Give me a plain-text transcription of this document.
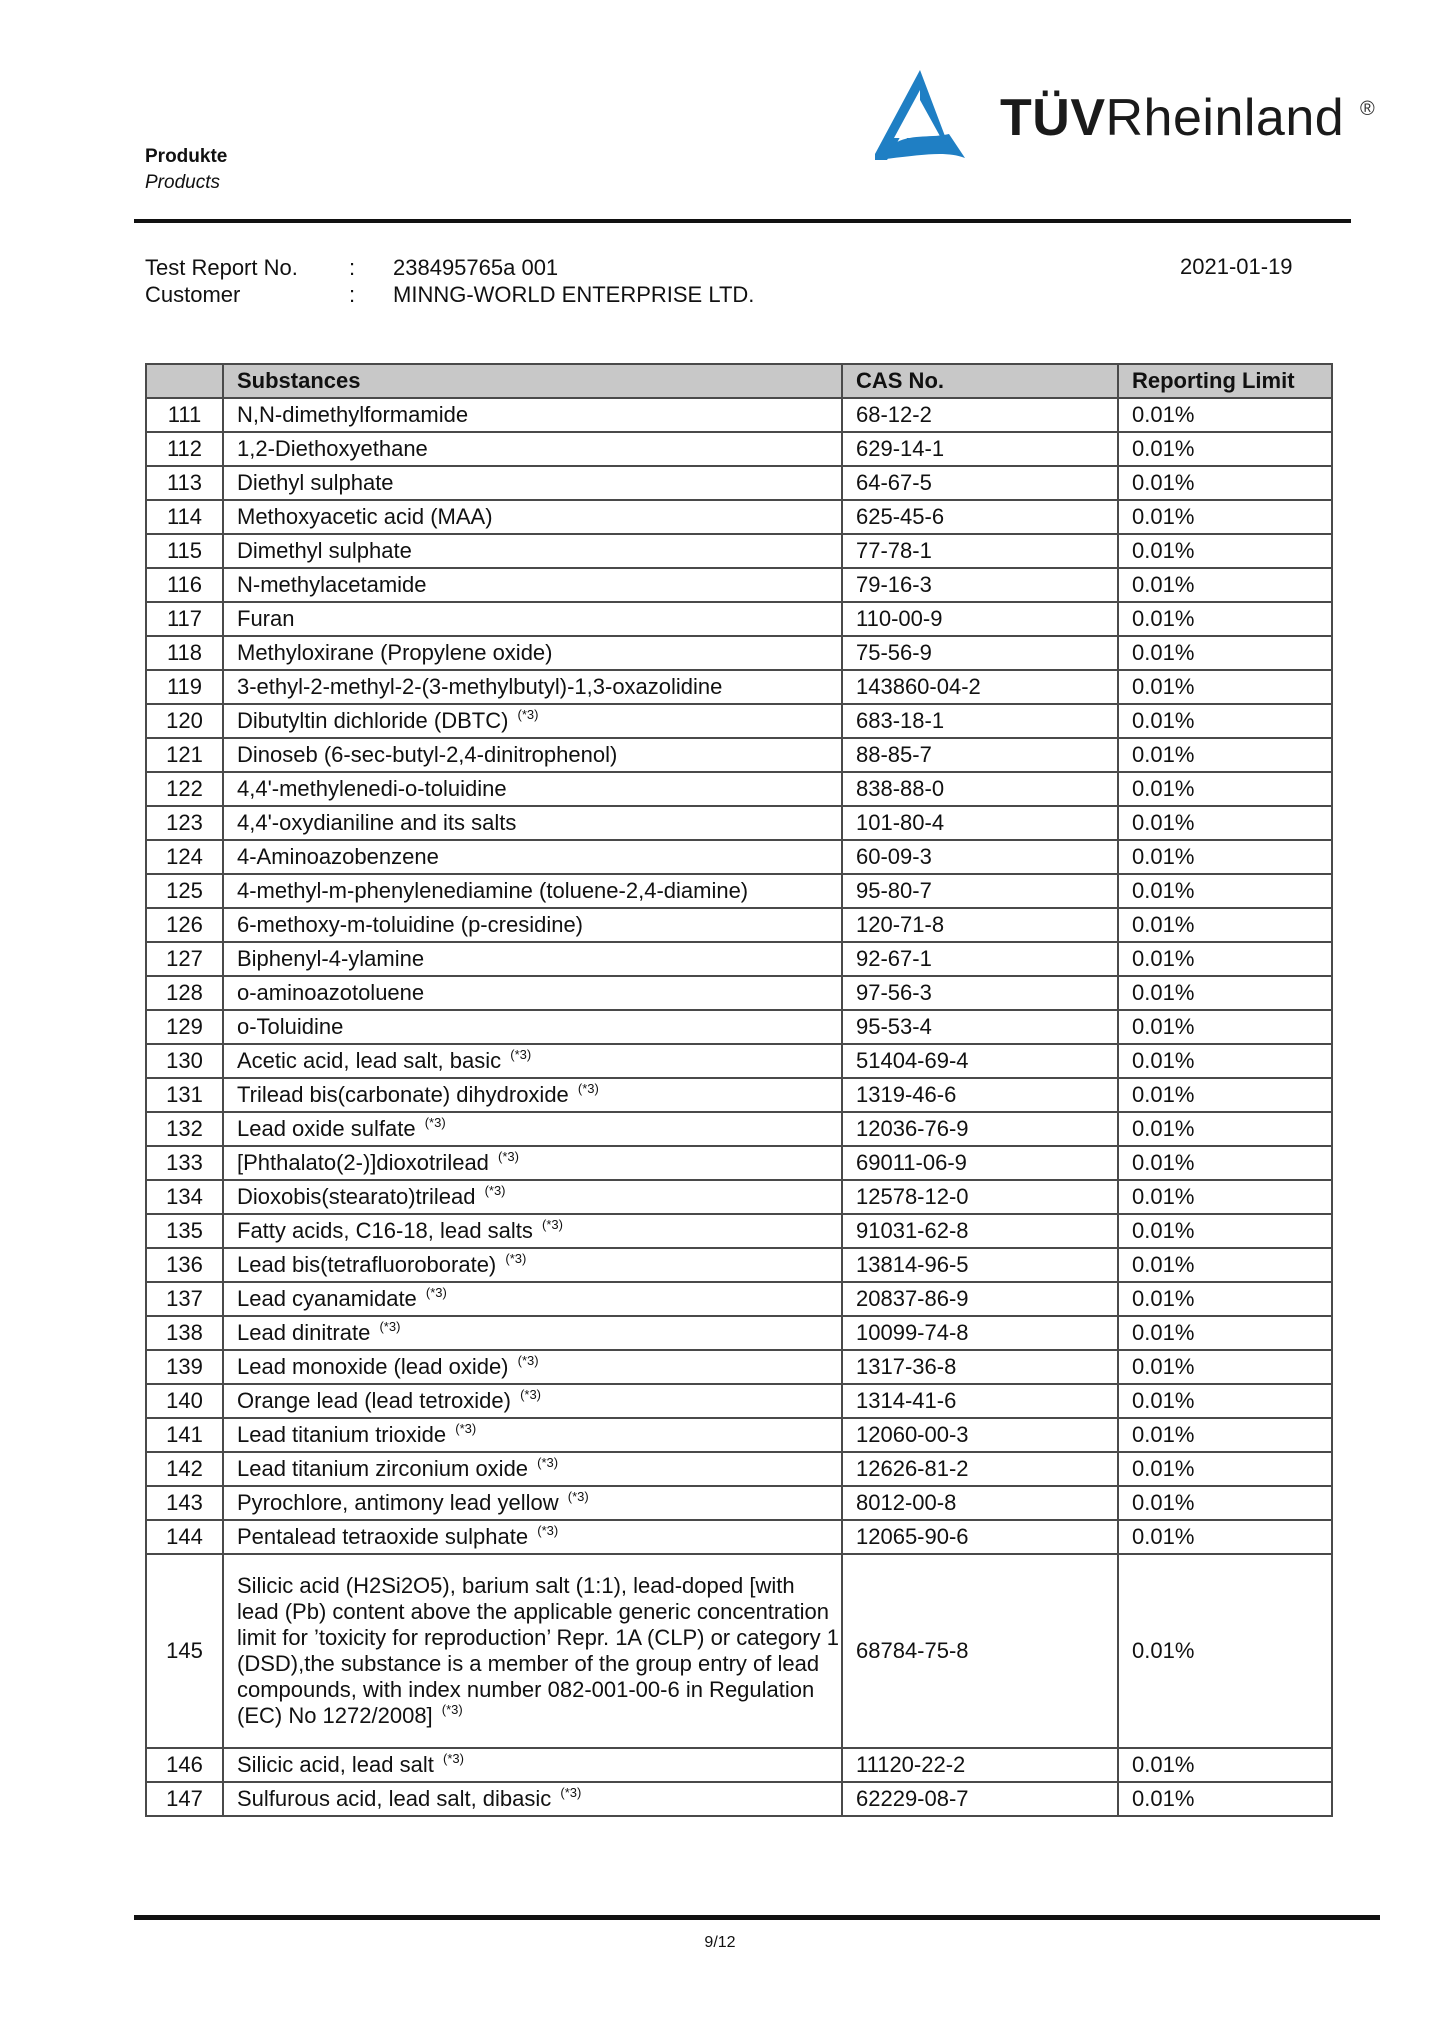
Produkte
Products
TÜVRheinland ®
Test Report No. : 238495765a 001	2021-01-19
Customer	: MINNG-WORLD ENTERPRISE LTD.
	Substances	CAS No.	Reporting Limit
111	N,N-dimethylformamide	68-12-2	0.01%
112	1,2-Diethoxyethane	629-14-1	0.01%
113	Diethyl sulphate	64-67-5	0.01%
114	Methoxyacetic acid (MAA)	625-45-6	0.01%
115	Dimethyl sulphate	77-78-1	0.01%
116	N-methylacetamide	79-16-3	0.01%
117	Furan	110-00-9	0.01%
118	Methyloxirane (Propylene oxide)	75-56-9	0.01%
119	3-ethyl-2-methyl-2-(3-methylbutyl)-1,3-oxazolidine	143860-04-2	0.01%
120	Dibutyltin dichloride (DBTC) $^{(*3)}$	683-18-1	0.01%
121	Dinoseb (6-sec-butyl-2,4-dinitrophenol)	88-85-7	0.01%
122	4,4'-methylenedi-o-toluidine	838-88-0	0.01%
123	4,4'-oxydianiline and its salts	101-80-4	0.01%
124	4-Aminoazobenzene	60-09-3	0.01%
125	4-methyl-m-phenylenediamine (toluene-2,4-diamine)	95-80-7	0.01%
126	6-methoxy-m-toluidine (p-cresidine)	120-71-8	0.01%
127	Biphenyl-4-ylamine	92-67-1	0.01%
128	o-aminoazotoluene	97-56-3	0.01%
129	o-Toluidine	95-53-4	0.01%
130	Acetic acid, lead salt, basic $^{(*3)}$	51404-69-4	0.01%
131	Trilead bis(carbonate) dihydroxide $^{(*3)}$	1319-46-6	0.01%
132	Lead oxide sulfate $^{(*3)}$	12036-76-9	0.01%
133	[Phthalato(2-)]dioxotrilead $^{(*3)}$	69011-06-9	0.01%
134	Dioxobis(stearato)trilead $^{(*3)}$	12578-12-0	0.01%
135	Fatty acids, C16-18, lead salts $^{(*3)}$	91031-62-8	0.01%
136	Lead bis(tetrafluoroborate) $^{(*3)}$	13814-96-5	0.01%
137	Lead cyanamidate $^{(*3)}$	20837-86-9	0.01%
138	Lead dinitrate $^{(*3)}$	10099-74-8	0.01%
139	Lead monoxide (lead oxide) $^{(*3)}$	1317-36-8	0.01%
140	Orange lead (lead tetroxide) $^{(*3)}$	1314-41-6	0.01%
141	Lead titanium trioxide $^{(*3)}$	12060-00-3	0.01%
142	Lead titanium zirconium oxide $^{(*3)}$	12626-81-2	0.01%
143	Pyrochlore, antimony lead yellow $^{(*3)}$	8012-00-8	0.01%
144	Pentalead tetraoxide sulphate $^{(*3)}$	12065-90-6	0.01%
145	Silicic acid (H2Si2O5), barium salt (1:1), lead-doped [with lead (Pb) content above the applicable generic concentration limit for ’toxicity for reproduction’ Repr. 1A (CLP) or category 1 (DSD),the substance is a member of the group entry of lead compounds, with index number 082-001-00-6 in Regulation (EC) No 1272/2008] $^{(*3)}$	68784-75-8	0.01%
146	Silicic acid, lead salt $^{(*3)}$	11120-22-2	0.01%
147	Sulfurous acid, lead salt, dibasic $^{(*3)}$	62229-08-7	0.01%
9/12
